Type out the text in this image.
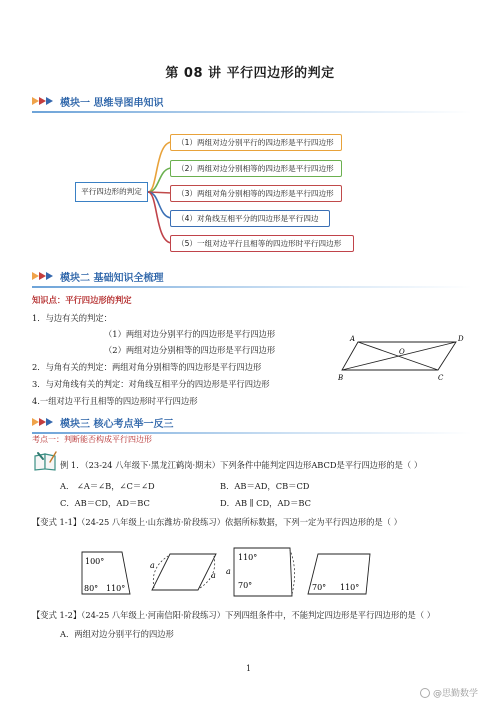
第 08 讲 平行四边形的判定
模块一 思维导图串知识
平行四边形的判定
（1）两组对边分别平行的四边形是平行四边形
（2）两组对边分别相等的四边形是平行四边形
（3）两组对角分别相等的四边形是平行四边形
（4）对角线互相平分的四边形是平行四边
（5）一组对边平行且相等的四边形时平行四边形
模块二 基础知识全梳理
知识点：平行四边形的判定
1．与边有关的判定：
（1）两组对边分别平行的四边形是平行四边形
（2）两组对边分别相等的四边形是平行四边形
2．与角有关的判定：两组对角分别相等的四边形是平行四边形
3．与对角线有关的判定：对角线互相平分的四边形是平行四边形
4.一组对边平行且相等的四边形时平行四边形
A	D
B	C
O
模块三 核心考点举一反三
考点一：判断能否构成平行四边形
例 1．（23-24 八年级下·黑龙江鹤岗·期末）下列条件中能判定四边形ABCD是平行四边形的是（ ）
A． ∠A＝∠B，∠C＝∠D	B．AB＝AD，CB＝CD
C．AB＝CD，AD＝BC	D．AB ∥ CD，AD＝BC
【变式 1-1】（24-25 八年级上·山东潍坊·阶段练习）依据所标数据，下列一定为平行四边形的是（ ）
100°
80° 110°
a
a
110°
a
70°	70° 110°
【变式 1-2】（24-25 八年级上·河南信阳·阶段练习）下列四组条件中，不能判定四边形是平行四边形的是（ ）
A．两组对边分别平行的四边形
1
@思勤数学
